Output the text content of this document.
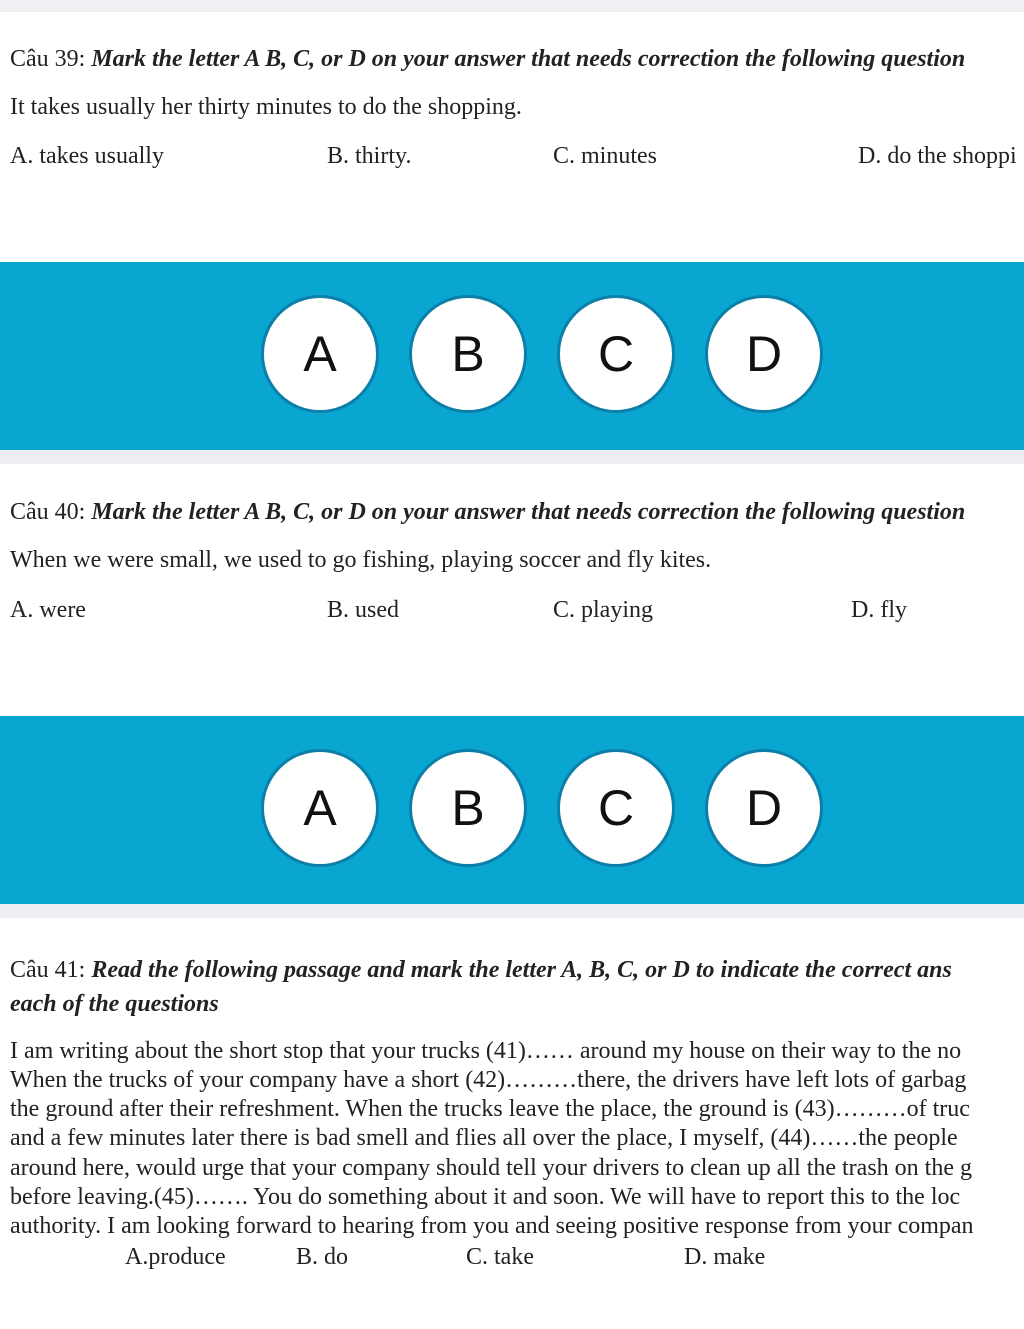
Câu 39: Mark the letter A B, C, or D on your answer that needs correction the following question
It takes usually her thirty minutes to do the shopping.
A. takes usually	B. thirty.	C. minutes	D. do the shoppi
A	B	C	D
Câu 40: Mark the letter A B, C, or D on your answer that needs correction the following question
When we were small, we used to go fishing, playing soccer and fly kites.
A. were	B. used	C. playing	D. fly
A	B	C	D
Câu 41: Read the following passage and mark the letter A, B, C, or D to indicate the correct ans
each of the questions
I am writing about the short stop that your trucks (41)…… around my house on their way to the no
When the trucks of your company have a short (42)………there, the drivers have left lots of garbag
the ground after their refreshment. When the trucks leave the place, the ground is (43)………of truc
and a few minutes later there is bad smell and flies all over the place, I myself, (44)……the people
around here, would urge that your company should tell your drivers to clean up all the trash on the g
before leaving.(45)……. You do something about it and soon. We will have to report this to the loc
authority. I am looking forward to hearing from you and seeing positive response from your compan
A.produce	B. do	C. take	D. make
